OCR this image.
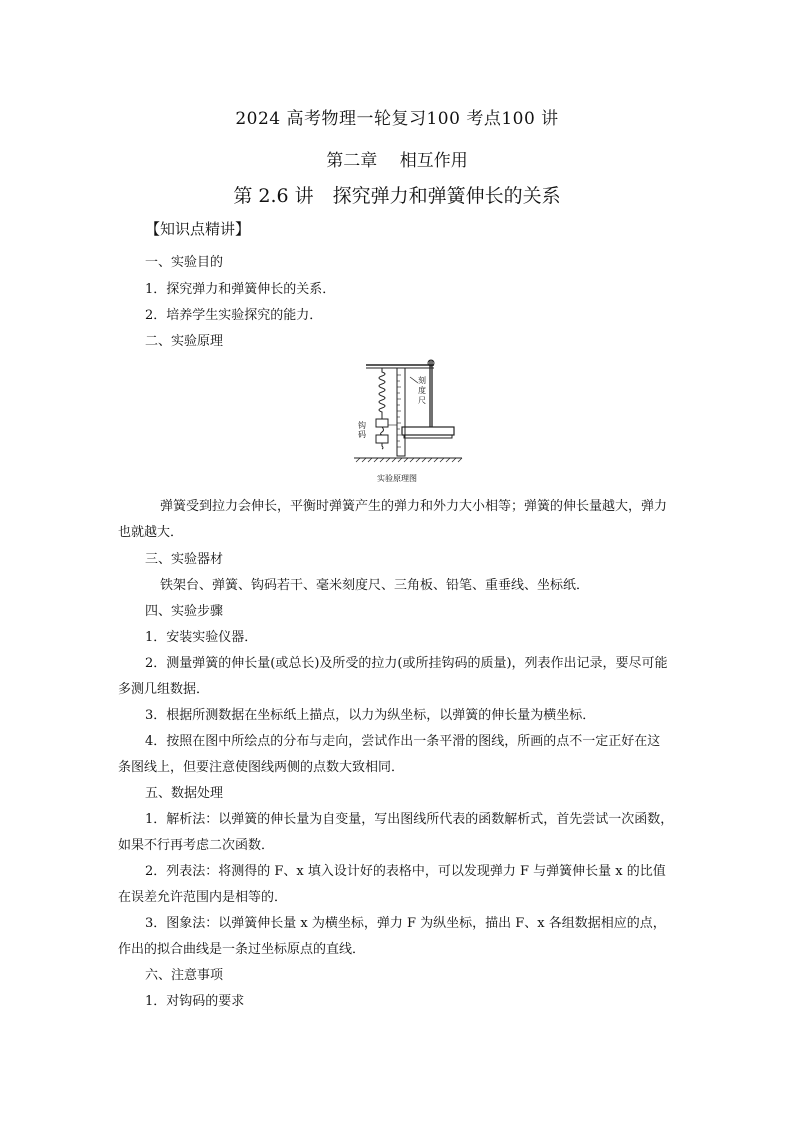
2024 高考物理一轮复习100 考点100 讲
第二章　 相互作用
第 2.6 讲　探究弹力和弹簧伸长的关系
【知识点精讲】
一、实验目的
1．探究弹力和弹簧伸长的关系．
2．培养学生实验探究的能力．
二、实验原理
刻
度
尺
钩
码
实验原理图
弹簧受到拉力会伸长，平衡时弹簧产生的弹力和外力大小相等；弹簧的伸长量越大，弹力
也就越大．
三、实验器材
铁架台、弹簧、钩码若干、毫米刻度尺、三角板、铅笔、重垂线、坐标纸．
四、实验步骤
1．安装实验仪器．
2．测量弹簧的伸长量(或总长)及所受的拉力(或所挂钩码的质量)，列表作出记录，要尽可能
多测几组数据．
3．根据所测数据在坐标纸上描点，以力为纵坐标，以弹簧的伸长量为横坐标．
4．按照在图中所绘点的分布与走向，尝试作出一条平滑的图线，所画的点不一定正好在这
条图线上，但要注意使图线两侧的点数大致相同．
五、数据处理
1．解析法：以弹簧的伸长量为自变量，写出图线所代表的函数解析式，首先尝试一次函数，
如果不行再考虑二次函数．
2．列表法：将测得的 F、x 填入设计好的表格中，可以发现弹力 F 与弹簧伸长量 x 的比值
在误差允许范围内是相等的．
3．图象法：以弹簧伸长量 x 为横坐标，弹力 F 为纵坐标，描出 F、x 各组数据相应的点，
作出的拟合曲线是一条过坐标原点的直线．
六、注意事项
1．对钩码的要求
